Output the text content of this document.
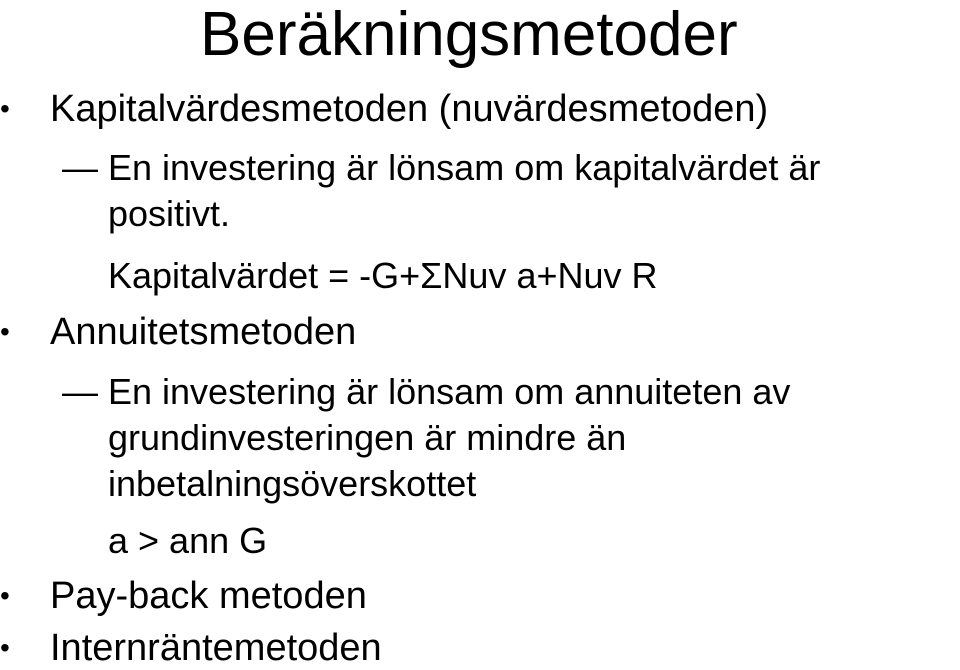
Beräkningsmetoder
•	Kapitalvärdesmetoden (nuvärdesmetoden)
— En investering är lönsam om kapitalvärdet är
positivt.
Kapitalvärdet = -G+ΣNuv a+Nuv R
•	Annuitetsmetoden
— En investering är lönsam om annuiteten av
grundinvesteringen är mindre än
inbetalningsöverskottet
a > ann G
•	Pay-back metoden
•	Internräntemetoden
